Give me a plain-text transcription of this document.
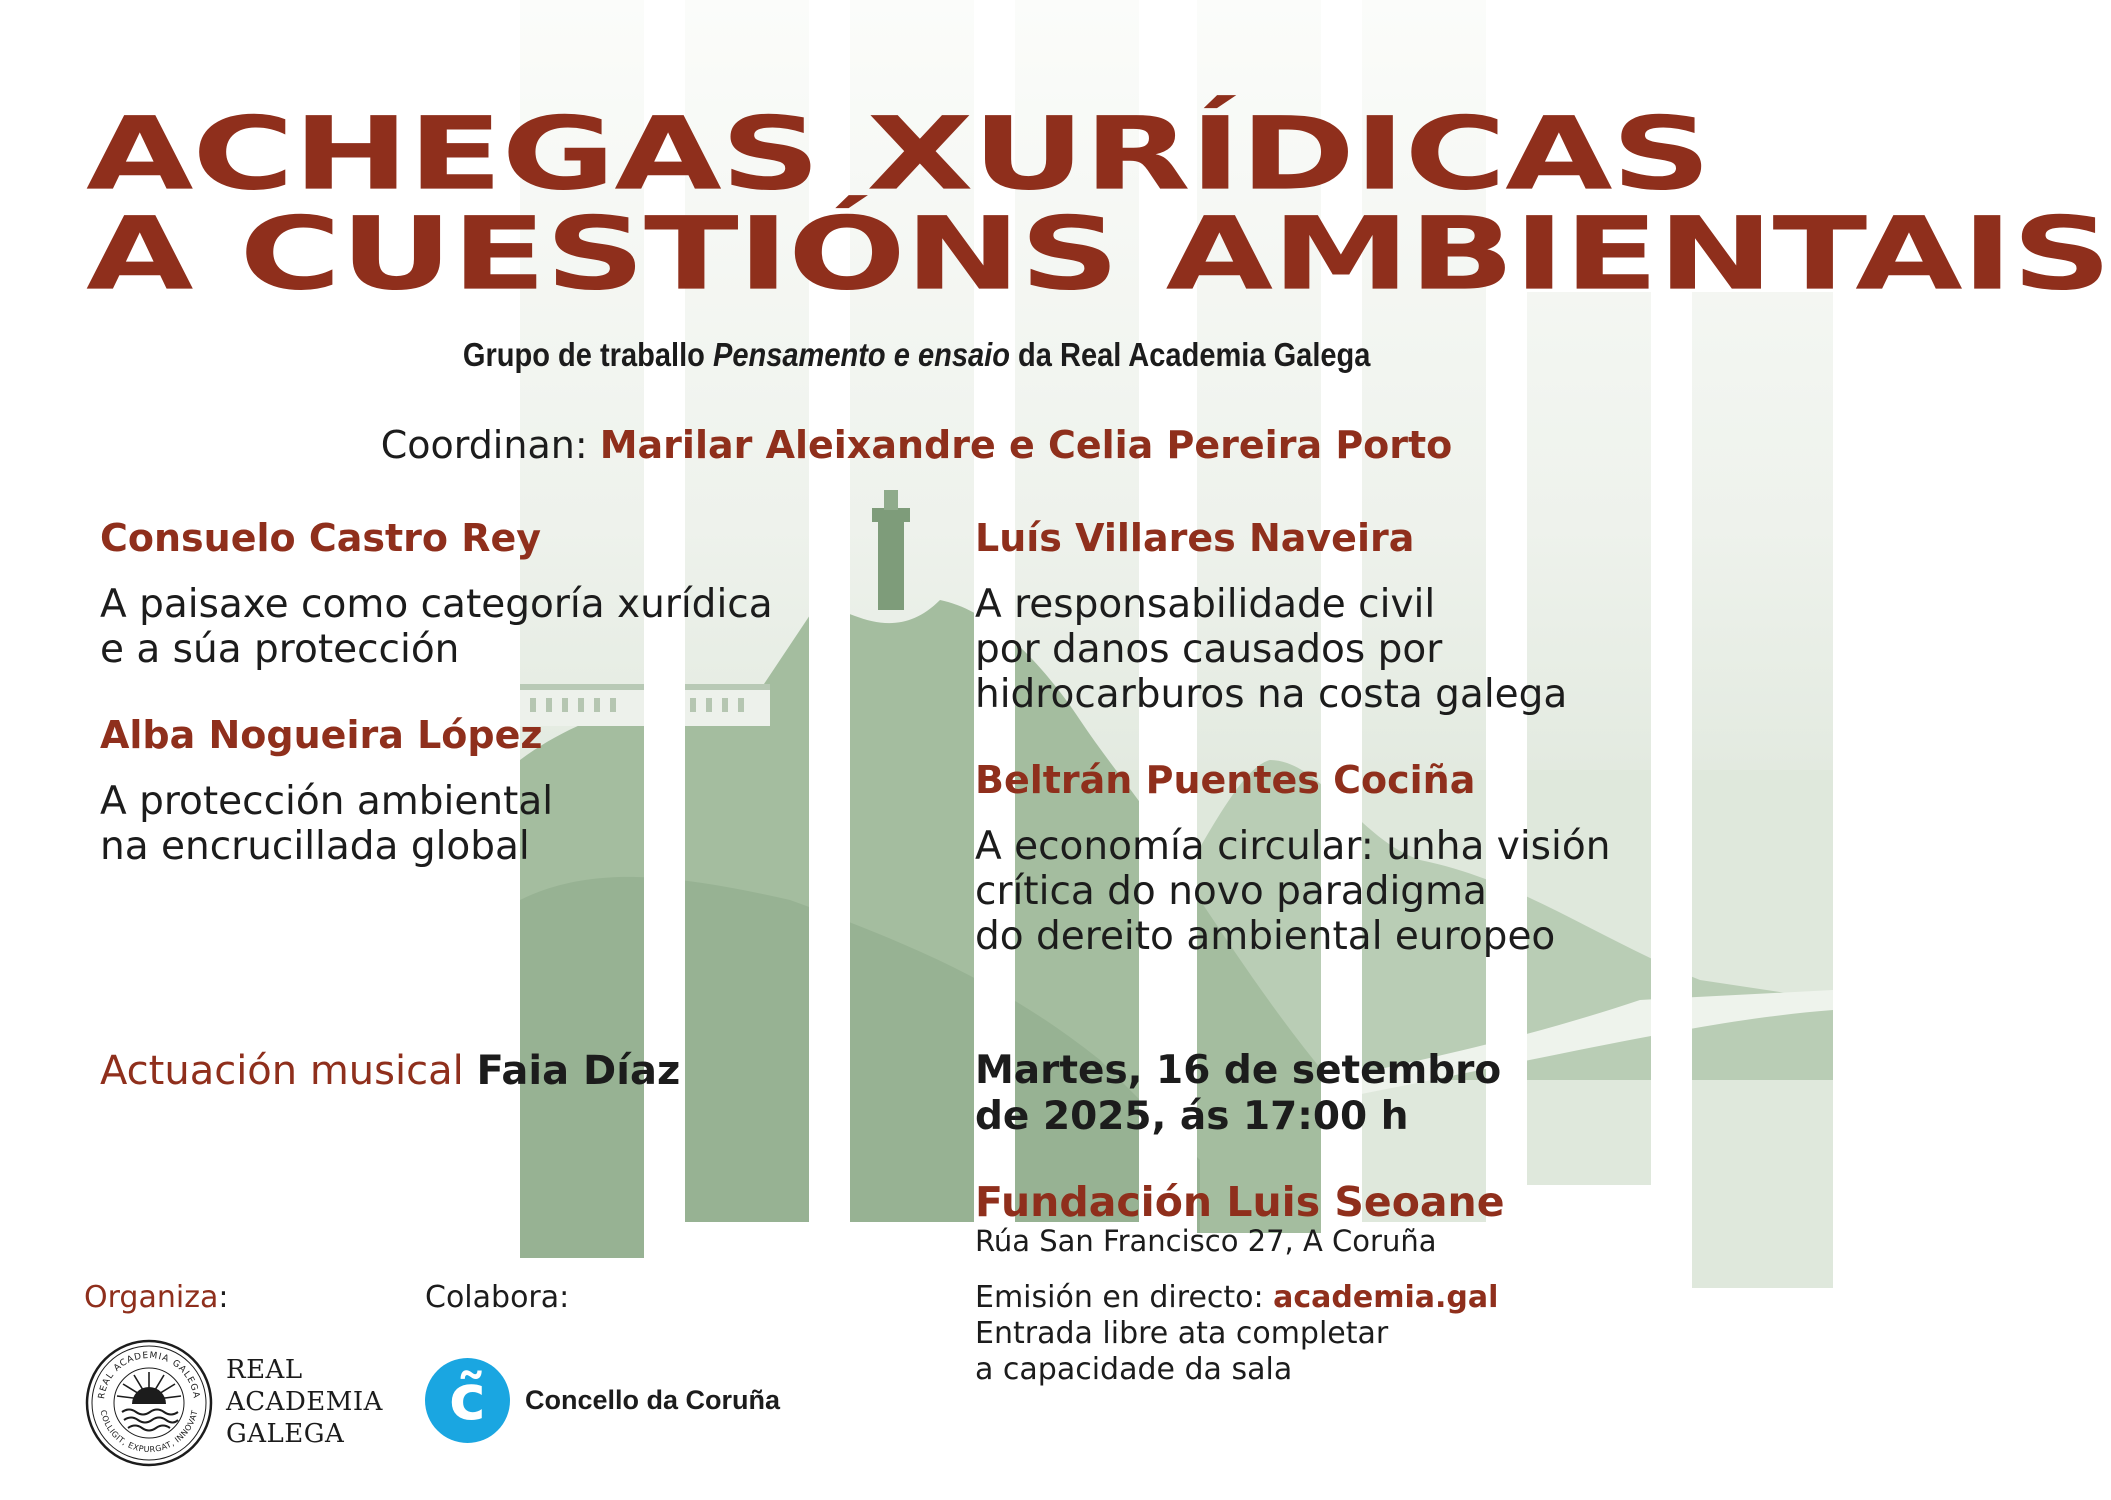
ACHEGAS XURÍDICAS
A CUESTIÓNS AMBIENTAIS
Grupo de traballo Pensamento e ensaio da Real Academia Galega
Coordinan: Marilar Aleixandre e Celia Pereira Porto
Consuelo Castro Rey
A paisaxe como categoría xurídica
e a súa protección
Alba Nogueira López
A protección ambiental
na encrucillada global
Luís Villares Naveira
A responsabilidade civil
por danos causados por
hidrocarburos na costa galega
Beltrán Puentes Cociña
A economía circular: unha visión
crítica do novo paradigma
do dereito ambiental europeo
Actuación musical Faia Díaz	Martes, 16 de setembro
de 2025, ás 17:00 h
Fundación Luis Seoane
Rúa San Francisco 27, A Coruña
Emisión en directo: academia.gal
Entrada libre ata completar
a capacidade da sala
Organiza:
REAL ACADEMIA GALEGA
COLLIGIT, EXPURGAT, INNOVAT
REAL
ACADEMIA
GALEGA
Colabora:
c̃ Concello da Coruña
